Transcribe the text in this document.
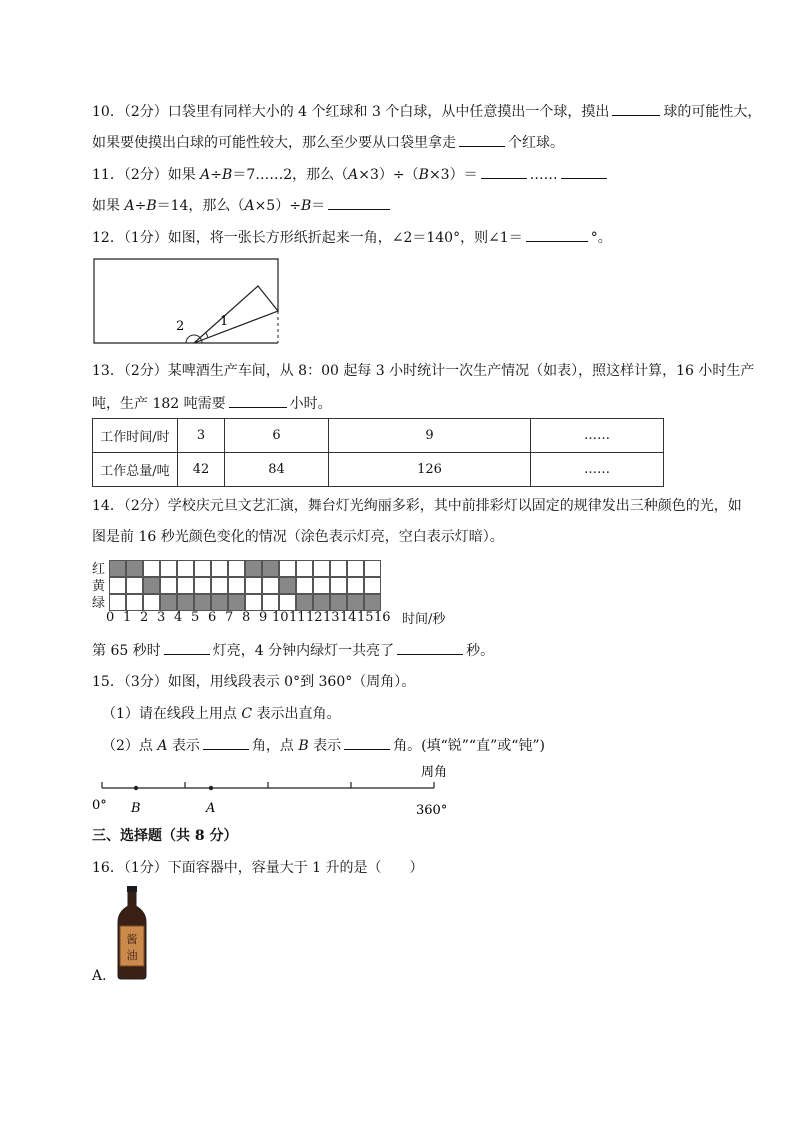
10．（2分）口袋里有同样大小的 4 个红球和 3 个白球，从中任意摸出一个球，摸出	球的可能性大，
如果要使摸出白球的可能性较大，那么至少要从口袋里拿走	个红球。
11．（2分）如果 A÷B＝7……2，那么（A×3）÷（B×3）＝	……
如果 A÷B＝14，那么（A×5）÷B＝
12．（1分）如图，将一张长方形纸折起来一角，∠2＝140°，则∠1＝	°。
2	1
13．（2分）某啤酒生产车间，从 8：00 起每 3 小时统计一次生产情况（如表），照这样计算，16 小时生产
吨，生产 182 吨需要	小时。
工作时间/时	3	6	9	……
工作总量/吨	42	84	126	……
14．（2分）学校庆元旦文艺汇演，舞台灯光绚丽多彩，其中前排彩灯以固定的规律发出三种颜色的光，如
图是前 16 秒光颜色变化的情况（涂色表示灯亮，空白表示灯暗）。
红
黄
绿
时间/秒
0 1 2 3 4 5 6 7 8 9 10 11 12 13 14 15 16
第 65 秒时	灯亮，4 分钟内绿灯一共亮了	秒。
15．（3分）如图，用线段表示 0°到 360°（周角）。
（1）请在线段上用点 C 表示出直角。
（2）点 A 表示	角，点 B 表示	角。(填“锐”“直”或“钝”)
周角
0°	360°
B	A
三、选择题（共 8 分）
16．（1分）下面容器中，容量大于 1 升的是（　　）
酱
油
A．
